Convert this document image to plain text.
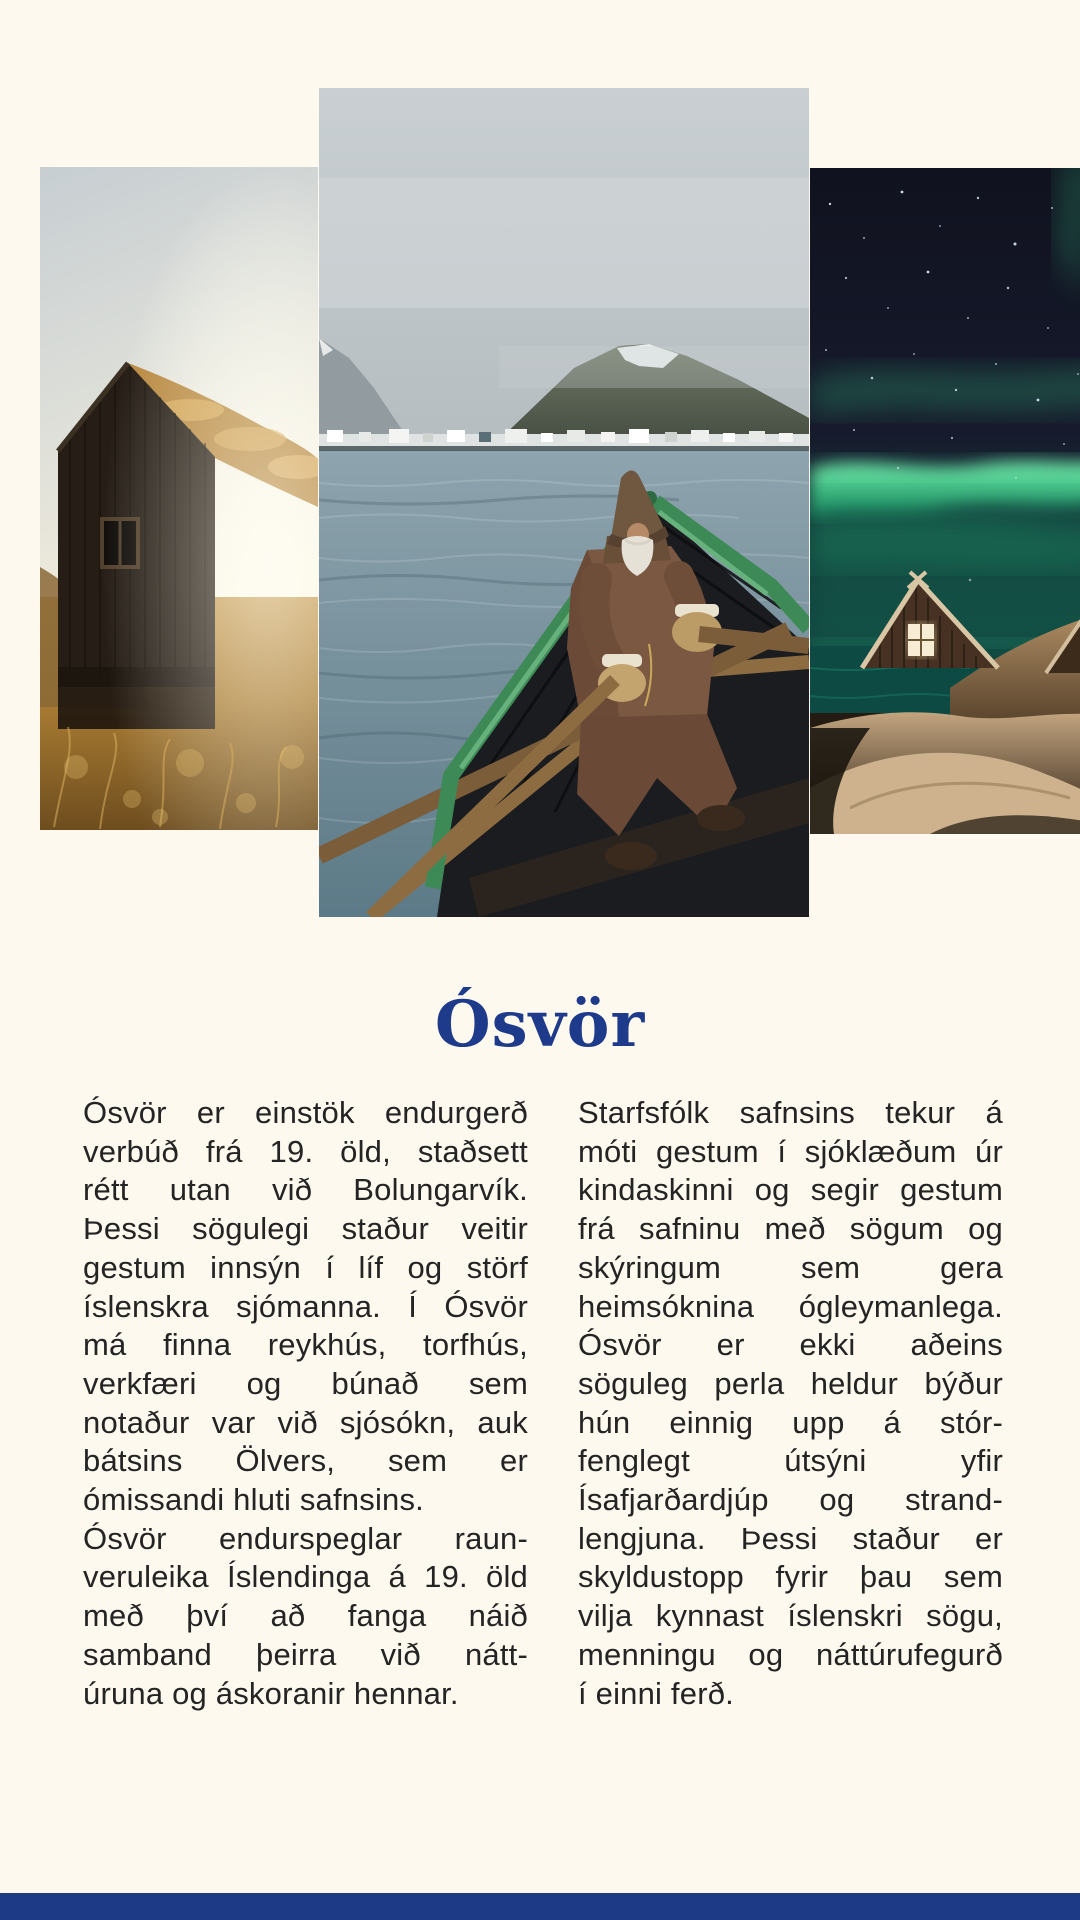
Ósvör
Ósvör er einstök endurgerð
verbúð frá 19. öld, staðsett
rétt utan við Bolungarvík.
Þessi sögulegi staður veitir
gestum innsýn í líf og störf
íslenskra sjómanna. Í Ósvör
má finna reykhús, torfhús,
verkfæri og búnað sem
notaður var við sjósókn, auk
bátsins Ölvers, sem er
ómissandi hluti safnsins.
Ósvör endurspeglar raun-
veruleika Íslendinga á 19. öld
með því að fanga náið
samband þeirra við nátt-
úruna og áskoranir hennar.
Starfsfólk safnsins tekur á
móti gestum í sjóklæðum úr
kindaskinni og segir gestum
frá safninu með sögum og
skýringum sem gera
heimsóknina ógleymanlega.
Ósvör er ekki aðeins
söguleg perla heldur býður
hún einnig upp á stór-
fenglegt útsýni yfir
Ísafjarðardjúp og strand-
lengjuna. Þessi staður er
skyldustopp fyrir þau sem
vilja kynnast íslenskri sögu,
menningu og náttúrufegurð
í einni ferð.
